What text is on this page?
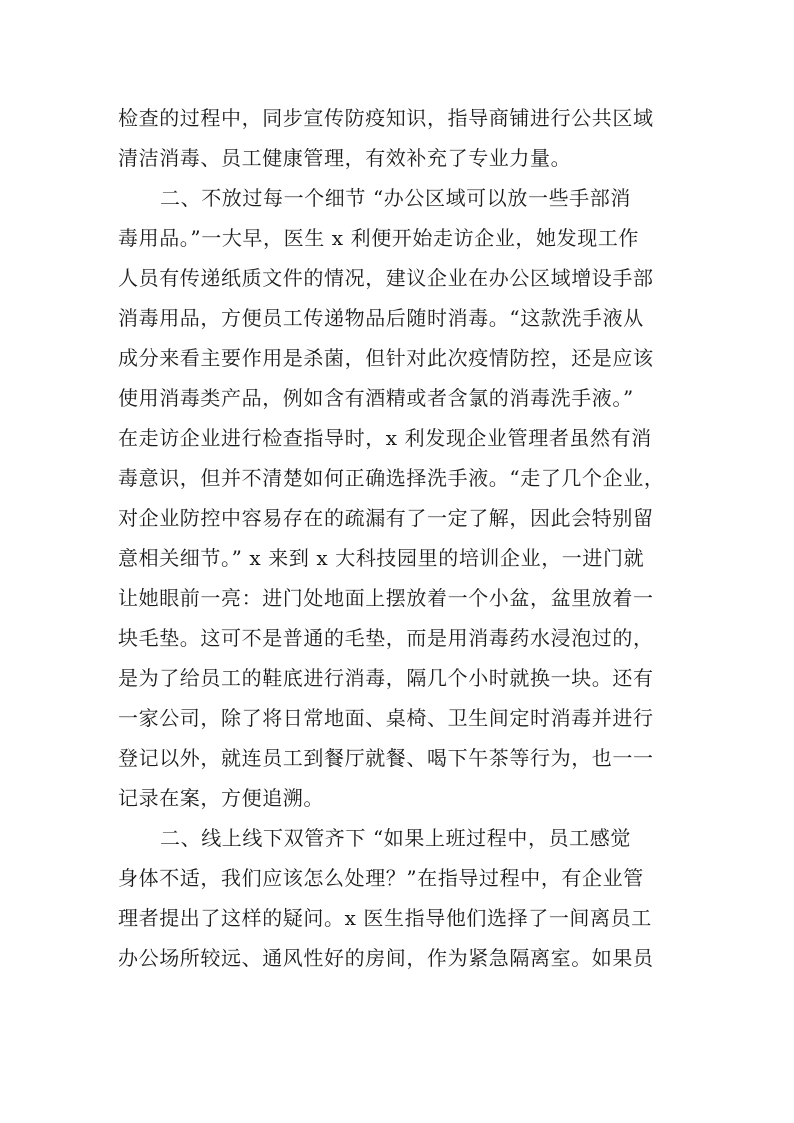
检查的过程中，同步宣传防疫知识，指导商铺进行公共区域
清洁消毒、员工健康管理，有效补充了专业力量。
二、不放过每一个细节 “办公区域可以放一些手部消
毒用品。”一大早，医生 x 利便开始走访企业，她发现工作
人员有传递纸质文件的情况，建议企业在办公区域增设手部
消毒用品，方便员工传递物品后随时消毒。“这款洗手液从
成分来看主要作用是杀菌，但针对此次疫情防控，还是应该
使用消毒类产品，例如含有酒精或者含氯的消毒洗手液。”
在走访企业进行检查指导时，x 利发现企业管理者虽然有消
毒意识，但并不清楚如何正确选择洗手液。“走了几个企业，
对企业防控中容易存在的疏漏有了一定了解，因此会特别留
意相关细节。” x 来到 x 大科技园里的培训企业，一进门就
让她眼前一亮：进门处地面上摆放着一个小盆，盆里放着一
块毛垫。这可不是普通的毛垫，而是用消毒药水浸泡过的，
是为了给员工的鞋底进行消毒，隔几个小时就换一块。还有
一家公司，除了将日常地面、桌椅、卫生间定时消毒并进行
登记以外，就连员工到餐厅就餐、喝下午茶等行为，也一一
记录在案，方便追溯。
二、线上线下双管齐下 “如果上班过程中，员工感觉
身体不适，我们应该怎么处理？”在指导过程中，有企业管
理者提出了这样的疑问。x 医生指导他们选择了一间离员工
办公场所较远、通风性好的房间，作为紧急隔离室。如果员
